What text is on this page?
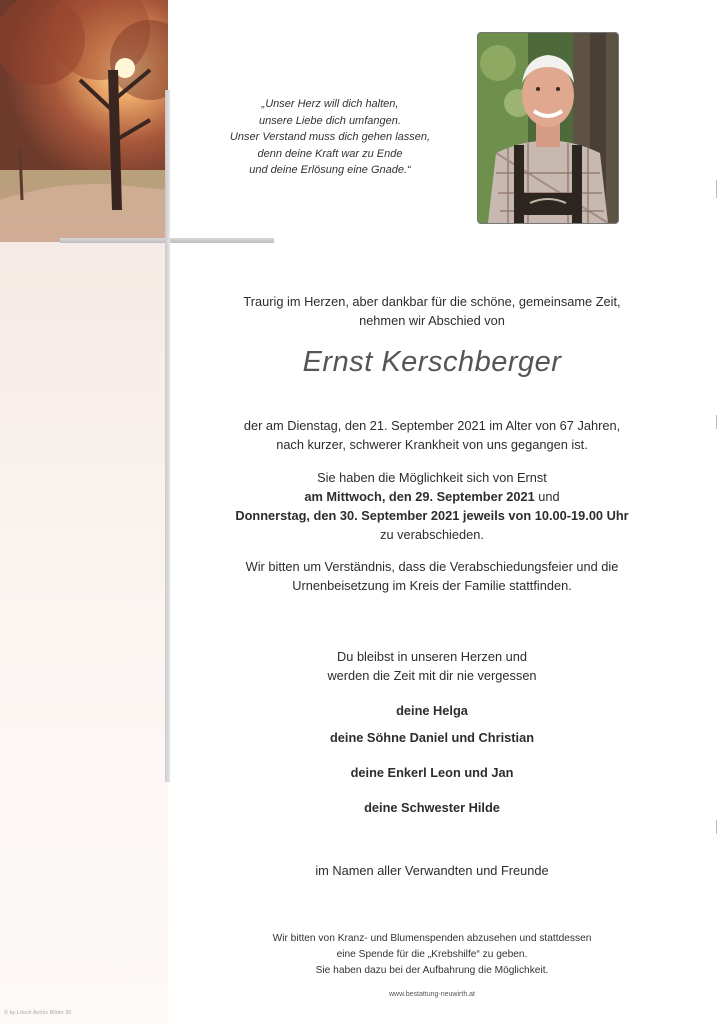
„Unser Herz will dich halten,
unsere Liebe dich umfangen.
Unser Verstand muss dich gehen lassen,
denn deine Kraft war zu Ende
und deine Erlösung eine Gnade.“
Traurig im Herzen, aber dankbar für die schöne, gemeinsame Zeit,
nehmen wir Abschied von
Ernst Kerschberger
der am Dienstag, den 21. September 2021 im Alter von 67 Jahren,
nach kurzer, schwerer Krankheit von uns gegangen ist.
Sie haben die Möglichkeit sich von Ernst
am Mittwoch, den 29. September 2021 und
Donnerstag, den 30. September 2021 jeweils von 10.00-19.00 Uhr
zu verabschieden.
Wir bitten um Verständnis, dass die Verabschiedungsfeier und die
Urnenbeisetzung im Kreis der Familie stattfinden.
Du bleibst in unseren Herzen und
werden die Zeit mit dir nie vergessen
deine Helga
deine Söhne Daniel und Christian
deine Enkerl Leon und Jan
deine Schwester Hilde
im Namen aller Verwandten und Freunde
Wir bitten von Kranz- und Blumenspenden abzusehen und stattdessen
eine Spende für die „Krebshilfe“ zu geben.
Sie haben dazu bei der Aufbahrung die Möglichkeit.
www.bestattung-neuwirth.at
© by Lösch Archiv Bilder 30
